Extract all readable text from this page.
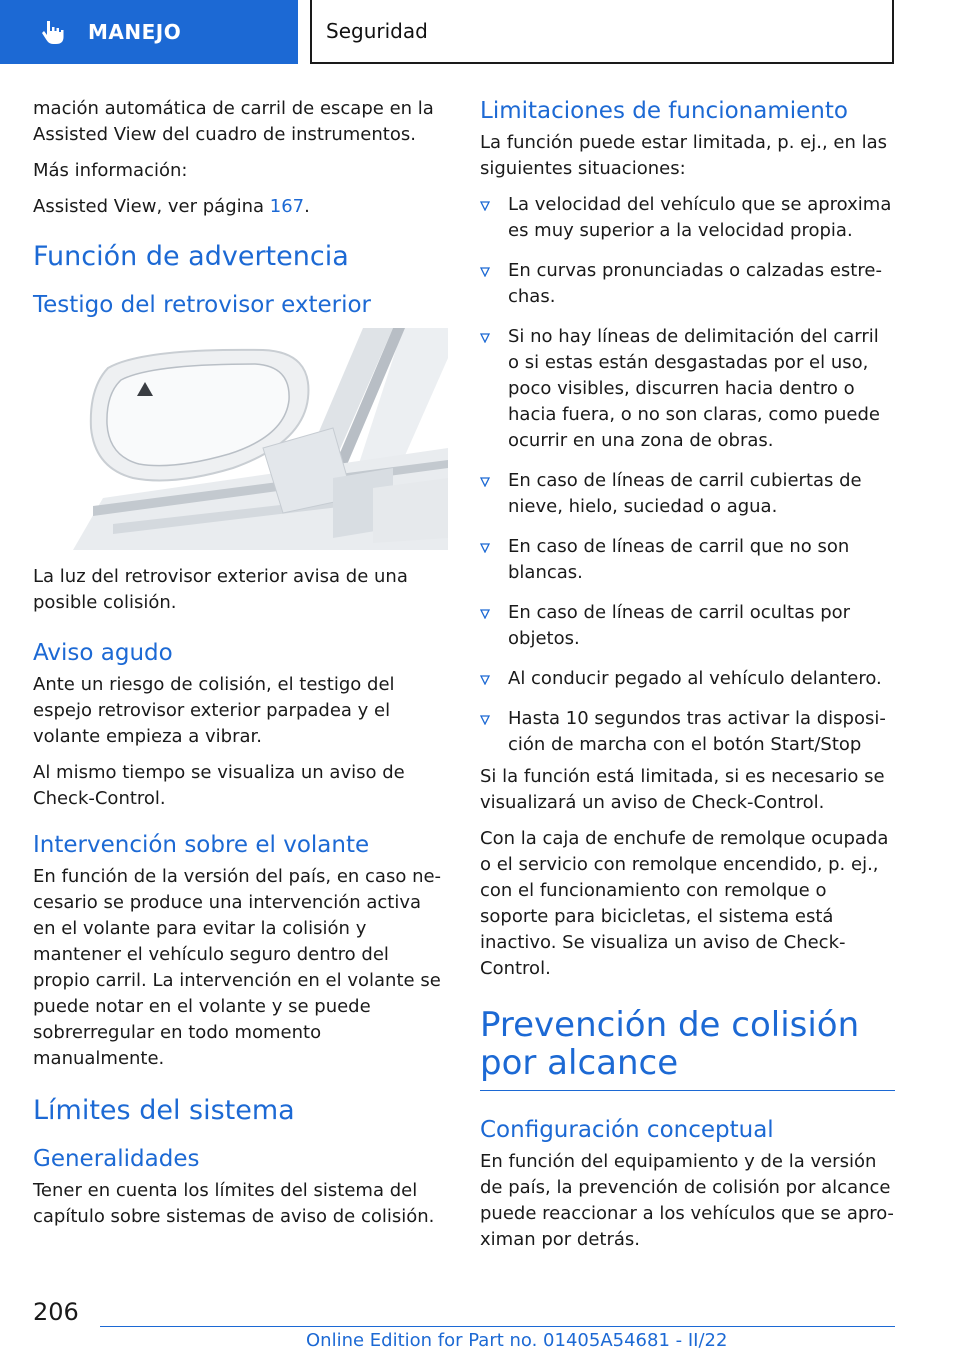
MANEJO	Seguridad

mación automática de carril de escape en la Assisted View del cuadro de instrumentos.

Más información:

Assisted View, ver página 167.

Función de advertencia
Testigo del retrovisor exterior

La luz del retrovisor exterior avisa de una posible colisión.

Aviso agudo

Ante un riesgo de colisión, el testigo del espejo retrovisor exterior parpadea y el volante empieza a vibrar.

Al mismo tiempo se visualiza un aviso de Check-Control.

Intervención sobre el volante

En función de la versión del país, en caso necesario se produce una intervención activa en el volante para evitar la colisión y mantener el vehículo seguro dentro del propio carril. La intervención en el volante se puede notar en el volante y se puede sobrerregular en todo momento manualmente.

Límites del sistema
Generalidades

Tener en cuenta los límites del sistema del capítulo sobre sistemas de aviso de colisión.

Limitaciones de funcionamiento

La función puede estar limitada, p. ej., en las siguientes situaciones:

La velocidad del vehículo que se aproxima es muy superior a la velocidad propia.
En curvas pronunciadas o calzadas estrechas.
Si no hay líneas de delimitación del carril o si estas están desgastadas por el uso, poco visibles, discurren hacia dentro o hacia fuera, o no son claras, como puede ocurrir en una zona de obras.
En caso de líneas de carril cubiertas de nieve, hielo, suciedad o agua.
En caso de líneas de carril que no son blancas.
En caso de líneas de carril ocultas por objetos.
Al conducir pegado al vehículo delantero.
Hasta 10 segundos tras activar la disposición de marcha con el botón Start/Stop

Si la función está limitada, si es necesario se visualizará un aviso de Check-Control.

Con la caja de enchufe de remolque ocupada o el servicio con remolque encendido, p. ej., con el funcionamiento con remolque o soporte para bicicletas, el sistema está inactivo. Se visualiza un aviso de Check-Control.

Prevención de colisión por alcance
Configuración conceptual

En función del equipamiento y de la versión de país, la prevención de colisión por alcance puede reaccionar a los vehículos que se aproximan por detrás.

206
Online Edition for Part no. 01405A54681 - II/22
